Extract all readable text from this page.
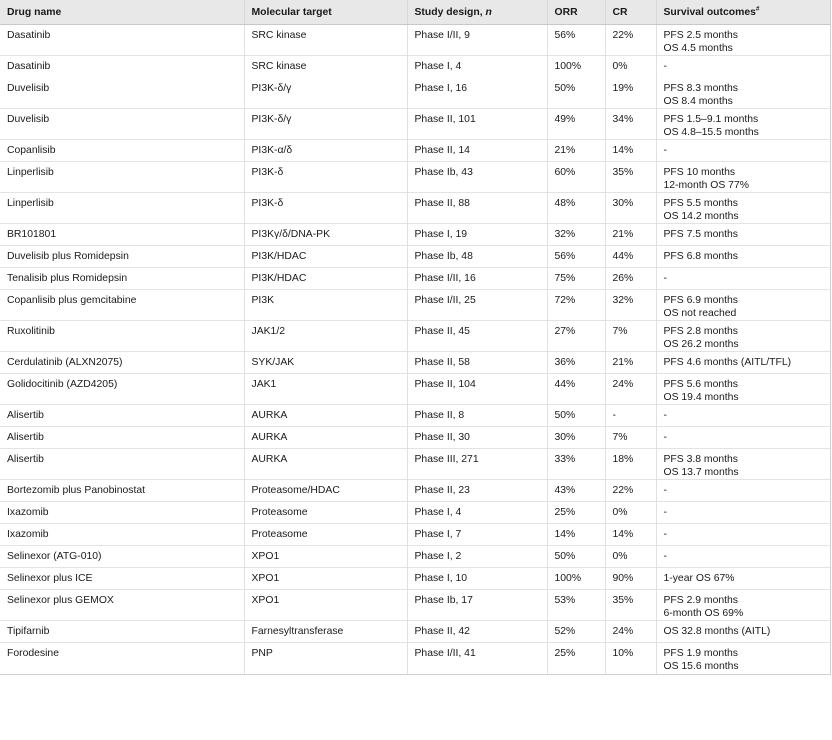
Drug name	Molecular target	Study design, n	ORR	CR	Survival outcomes#
Dasatinib	SRC kinase	Phase I/II, 9	56%	22%	PFS 2.5 months
OS 4.5 months

Dasatinib	SRC kinase	Phase I, 4	100%	0%	-

Duvelisib	PI3K-δ/γ	Phase I, 16	50%	19%	PFS 8.3 months
OS 8.4 months

Duvelisib	PI3K-δ/γ	Phase II, 101	49%	34%	PFS 1.5–9.1 months
OS 4.8–15.5 months

Copanlisib	PI3K-α/δ	Phase II, 14	21%	14%	-

Linperlisib	PI3K-δ	Phase Ib, 43	60%	35%	PFS 10 months
12-month OS 77%

Linperlisib	PI3K-δ	Phase II, 88	48%	30%	PFS 5.5 months
OS 14.2 months

BR101801	PI3Kγ/δ/DNA-PK	Phase I, 19	32%	21%	PFS 7.5 months

Duvelisib plus Romidepsin	PI3K/HDAC	Phase Ib, 48	56%	44%	PFS 6.8 months

Tenalisib plus Romidepsin	PI3K/HDAC	Phase I/II, 16	75%	26%	-

Copanlisib plus gemcitabine	PI3K	Phase I/II, 25	72%	32%	PFS 6.9 months
OS not reached

Ruxolitinib	JAK1/2	Phase II, 45	27%	7%	PFS 2.8 months
OS 26.2 months

Cerdulatinib (ALXN2075)	SYK/JAK	Phase II, 58	36%	21%	PFS 4.6 months (AITL/TFL)

Golidocitinib (AZD4205)	JAK1	Phase II, 104	44%	24%	PFS 5.6 months
OS 19.4 months

Alisertib	AURKA	Phase II, 8	50%	-	-

Alisertib	AURKA	Phase II, 30	30%	7%	-

Alisertib	AURKA	Phase III, 271	33%	18%	PFS 3.8 months
OS 13.7 months

Bortezomib plus Panobinostat	Proteasome/HDAC	Phase II, 23	43%	22%	-

Ixazomib	Proteasome	Phase I, 4	25%	0%	-

Ixazomib	Proteasome	Phase I, 7	14%	14%	-

Selinexor (ATG-010)	XPO1	Phase I, 2	50%	0%	-

Selinexor plus ICE	XPO1	Phase I, 10	100%	90%	1-year OS 67%

Selinexor plus GEMOX	XPO1	Phase Ib, 17	53%	35%	PFS 2.9 months
6-month OS 69%

Tipifarnib	Farnesyltransferase	Phase II, 42	52%	24%	OS 32.8 months (AITL)

Forodesine	PNP	Phase I/II, 41	25%	10%	PFS 1.9 months
OS 15.6 months
